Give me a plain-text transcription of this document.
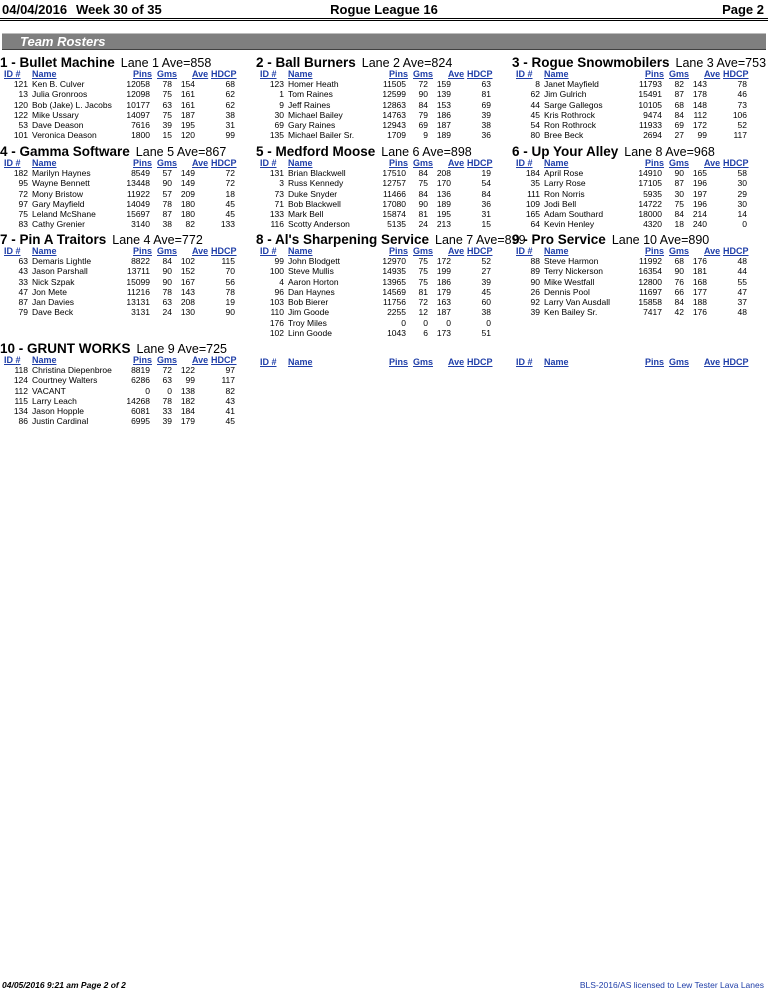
04/04/2016 Week 30 of 35	Rogue League 16	Page 2
Team Rosters
1 - Bullet Machine Lane 1 Ave=858
ID # Name	Pins Gms Ave HDCP
121 Ken B. Culver	12058	78	154	68
13 Julia Gronroos	12098	75	161	62
120 Bob (Jake) L. Jacobs	10177	63	161	62
122 Mike Ussary	14097	75	187	38
53 Dave Deason	7616	39	195	31
101 Veronica Deason	1800	15	120	99
2 - Ball Burners Lane 2 Ave=824
ID # Name	Pins Gms Ave HDCP
123 Homer Heath	11505	72	159	63
1 Tom Raines	12599	90	139	81
9 Jeff Raines	12863	84	153	69
30 Michael Bailey	14763	79	186	39
69 Gary Raines	12943	69	187	38
135 Michael Bailer Sr.	1709	9	189	36
3 - Rogue Snowmobilers Lane 3 Ave=753
ID # Name	Pins Gms Ave HDCP
8 Janet Mayfield	11793	82	143	78
62 Jim Gulrich	15491	87	178	46
44 Sarge Gallegos	10105	68	148	73
45 Kris Rothrock	9474	84	112	106
54 Ron Rothrock	11933	69	172	52
80 Bree Beck	2694	27	99	117
4 - Gamma Software Lane 5 Ave=867
ID # Name	Pins Gms Ave HDCP
182 Marilyn Haynes	8549	57	149	72
95 Wayne Bennett	13448	90	149	72
72 Mony Bristow	11922	57	209	18
97 Gary Mayfield	14049	78	180	45
75 Leland McShane	15697	87	180	45
83 Cathy Grenier	3140	38	82	133
5 - Medford Moose Lane 6 Ave=898
ID # Name	Pins Gms Ave HDCP
131 Brian Blackwell	17510	84	208	19
3 Russ Kennedy	12757	75	170	54
73 Duke Snyder	11466	84	136	84
71 Bob Blackwell	17080	90	189	36
133 Mark Bell	15874	81	195	31
116 Scotty Anderson	5135	24	213	15
6 - Up Your Alley Lane 8 Ave=968
ID # Name	Pins Gms Ave HDCP
184 April Rose	14910	90	165	58
35 Larry Rose	17105	87	196	30
111 Ron Norris	5935	30	197	29
109 Jodi Bell	14722	75	196	30
165 Adam Southard	18000	84	214	14
64 Kevin Henley	4320	18	240	0
7 - Pin A Traitors Lane 4 Ave=772
ID # Name	Pins Gms Ave HDCP
63 Demaris Lightle	8822	84	102	115
43 Jason Parshall	13711	90	152	70
33 Nick Szpak	15099	90	167	56
47 Jon Mete	11216	78	143	78
87 Jan Davies	13131	63	208	19
79 Dave Beck	3131	24	130	90
8 - Al's Sharpening Service Lane 7 Ave=899
ID # Name	Pins Gms Ave HDCP
99 John Blodgett	12970	75	172	52
100 Steve Mullis	14935	75	199	27
4 Aaron Horton	13965	75	186	39
96 Dan Haynes	14569	81	179	45
103 Bob Bierer	11756	72	163	60
110 Jim Goode	2255	12	187	38
176 Troy Miles	0	0	0	0
102 Linn Goode	1043	6	173	51
9 - Pro Service Lane 10 Ave=890
ID # Name	Pins Gms Ave HDCP
88 Steve Harmon	11992	68	176	48
89 Terry Nickerson	16354	90	181	44
90 Mike Westfall	12800	76	168	55
26 Dennis Pool	11697	66	177	47
92 Larry Van Ausdall	15858	84	188	37
39 Ken Bailey Sr.	7417	42	176	48
10 - GRUNT WORKS Lane 9 Ave=725
ID # Name	Pins Gms Ave HDCP
118 Christina Diepenbroe	8819	72	122	97
124 Courtney Walters	6286	63	99	117
112 VACANT	0	0	138	82
115 Larry Leach	14268	78	182	43
134 Jason Hopple	6081	33	184	41
86 Justin Cardinal	6995	39	179	45
ID # Name	Pins Gms Ave HDCP	ID # Name	Pins Gms Ave HDCP
04/05/2016 9:21 am Page 2 of 2	BLS-2016/AS licensed to Lew Tester Lava Lanes
